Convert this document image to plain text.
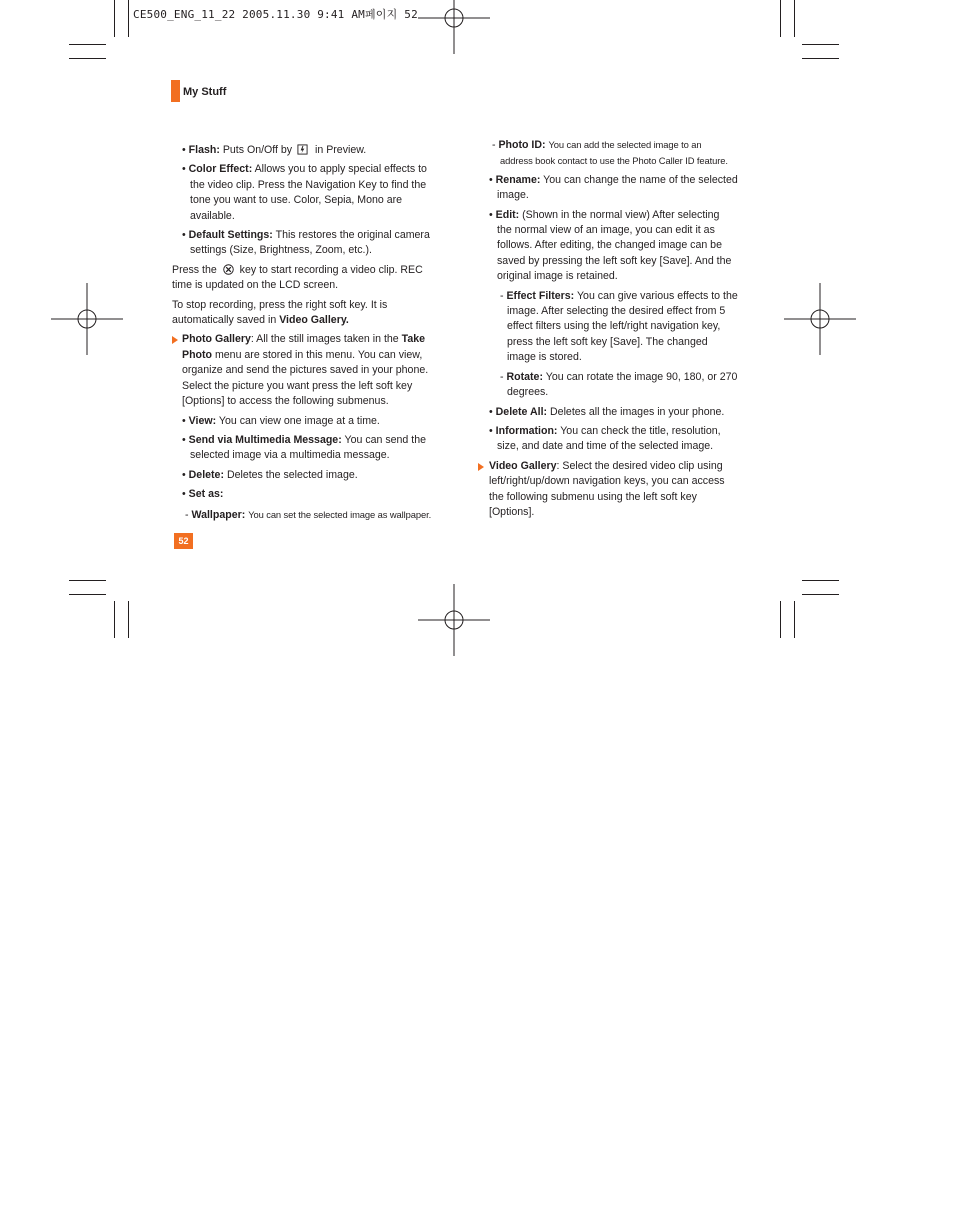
CE500_ENG_11_22 2005.11.30 9:41 AM페이지 52
My Stuff

• Flash: Puts On/Off by in Preview.

• Color Effect: Allows you to apply special effects to

the video clip. Press the Navigation Key to find the

tone you want to use. Color, Sepia, Mono are

available.

• Default Settings: This restores the original camera

settings (Size, Brightness, Zoom, etc.).

Press the key to start recording a video clip. REC

time is updated on the LCD screen.

To stop recording, press the right soft key. It is

automatically saved in Video Gallery.

Photo Gallery: All the still images taken in the Take

Photo menu are stored in this menu. You can view,

organize and send the pictures saved in your phone.

Select the picture you want press the left soft key

[Options] to access the following submenus.

• View: You can view one image at a time.

• Send via Multimedia Message: You can send the

selected image via a multimedia message.

• Delete: Deletes the selected image.

• Set as:

- Wallpaper: You can set the selected image as wallpaper.

- Photo ID: You can add the selected image to an

address book contact to use the Photo Caller ID feature.

• Rename: You can change the name of the selected

image.

• Edit: (Shown in the normal view) After selecting

the normal view of an image, you can edit it as

follows. After editing, the changed image can be

saved by pressing the left soft key [Save]. And the

original image is retained.

- Effect Filters: You can give various effects to the

image. After selecting the desired effect from 5

effect filters using the left/right navigation key,

press the left soft key [Save]. The changed

image is stored.

- Rotate: You can rotate the image 90, 180, or 270

degrees.

• Delete All: Deletes all the images in your phone.

• Information: You can check the title, resolution,

size, and date and time of the selected image.

Video Gallery: Select the desired video clip using

left/right/up/down navigation keys, you can access

the following submenu using the left soft key

[Options].

52
